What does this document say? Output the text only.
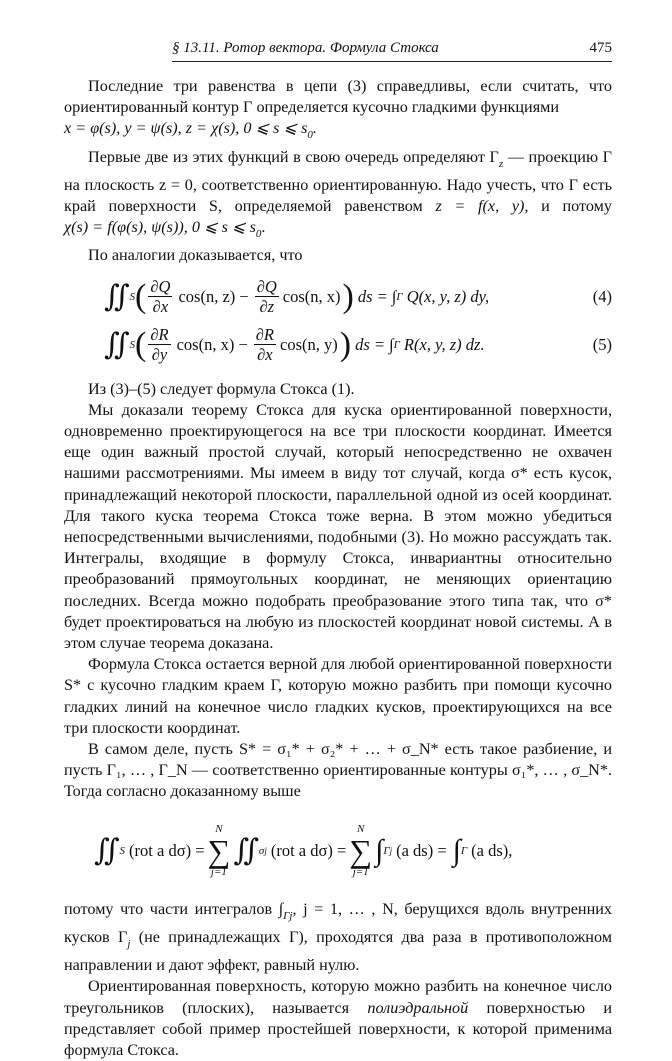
§ 13.11. Ротор вектора. Формула Стокса	475

Последние три равенства в цепи (3) справедливы, если считать, что ориентированный контур Γ определяется кусочно гладкими функциями
x = φ(s), y = ψ(s), z = χ(s), 0 ⩽ s ⩽ $s_0$.

Первые две из этих функций в свою очередь определяют $\Gamma_z$ — проекцию Γ на плоскость z = 0, соответственно ориентированную. Надо учесть, что Γ есть край поверхности S, определяемой равенством z = f(x, y), и потому χ(s) = f(φ(s), ψ(s)), 0 ⩽ s ⩽ $s_0$.

По аналогии доказывается, что

∬ S ( $\frac{\partial Q}{\partial x} \cos(n$, $z) - \frac{\partial Q}{\partial z} \cos(n$, x) ) ds = ∫ Γ Q(x, y, z) dy,	(4)
∬ S ( $\frac{\partial R}{\partial y} \cos(n$, $x) - \frac{\partial R}{\partial x} \cos(n$, y) ) ds = ∫ Γ R(x, y, z) dz.	(5)

Из (3)–(5) следует формула Стокса (1).

Мы доказали теорему Стокса для куска ориентированной поверхности, одновременно проектирующегося на все три плоскости координат. Имеется еще один важный простой случай, который непосредственно не охвачен нашими рассмотрениями. Мы имеем в виду тот случай, когда σ* есть кусок, принадлежащий некоторой плоскости, параллельной одной из осей координат. Для такого куска теорема Стокса тоже верна. В этом можно убедиться непосредственными вычислениями, подобными (3). Но можно рассуждать так. Интегралы, входящие в формулу Стокса, инвариантны относительно преобразований прямоугольных координат, не меняющих ориентацию последних. Всегда можно подобрать преобразование этого типа так, что σ* будет проектироваться на любую из плоскостей координат новой системы. А в этом случае теорема доказана.

Формула Стокса остается верной для любой ориентированной поверхности S* с кусочно гладким краем Γ, которую можно разбить при помощи кусочно гладких линий на конечное число гладких кусков, проектирующихся на все три плоскости координат.

В самом деле, пусть S* = σ₁* + σ₂* + … + σ_N* есть такое разбиение, и пусть Γ₁, … , Γ_N — соответственно ориентированные контуры σ₁*, … , σ_N*. Тогда согласно доказанному выше

∬ S (rot a dσ) =
N
∑
j=1
∬ σj (rot a dσ) =
N
∑
j=1
∫ Γj (a ds) = ∫ Γ (a ds),

потому что части интегралов $\int_{\Gamma j}$, j = 1, … , N, берущихся вдоль внутренних кусков $\Gamma_j$ (не принадлежащих Γ), проходятся два раза в противоположном направлении и дают эффект, равный нулю.

Ориентированная поверхность, которую можно разбить на конечное число треугольников (плоских), называется полиэдральной поверхностью и представляет собой пример простейшей поверхности, к которой применима формула Стокса.
